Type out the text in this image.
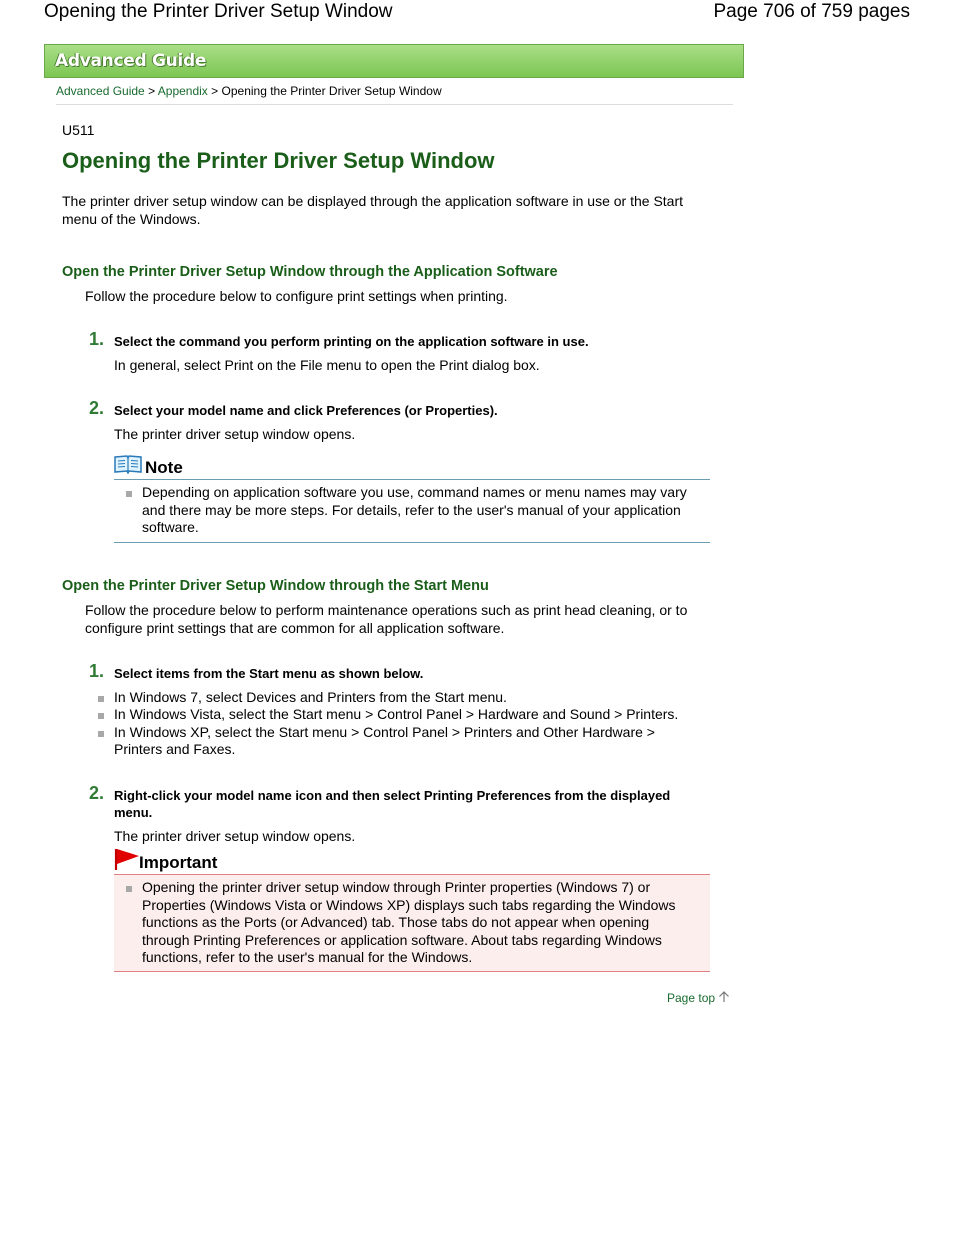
Opening the Printer Driver Setup Window	Page 706 of 759 pages
Advanced Guide
Advanced Guide > Appendix > Opening the Printer Driver Setup Window
U511
Opening the Printer Driver Setup Window

The printer driver setup window can be displayed through the application software in use or the Start

menu of the Windows.

Open the Printer Driver Setup Window through the Application Software

Follow the procedure below to configure print settings when printing.

1. Select the command you perform printing on the application software in use.

In general, select Print on the File menu to open the Print dialog box.

2. Select your model name and click Preferences (or Properties).

The printer driver setup window opens.

Note

Depending on application software you use, command names or menu names may vary

and there may be more steps. For details, refer to the user's manual of your application

software.

Open the Printer Driver Setup Window through the Start Menu

Follow the procedure below to perform maintenance operations such as print head cleaning, or to

configure print settings that are common for all application software.

1. Select items from the Start menu as shown below.

In Windows 7, select Devices and Printers from the Start menu.

In Windows Vista, select the Start menu > Control Panel > Hardware and Sound > Printers.

In Windows XP, select the Start menu > Control Panel > Printers and Other Hardware >

Printers and Faxes.

2. Right-click your model name icon and then select Printing Preferences from the displayed
menu.

The printer driver setup window opens.

Important

Opening the printer driver setup window through Printer properties (Windows 7) or

Properties (Windows Vista or Windows XP) displays such tabs regarding the Windows

functions as the Ports (or Advanced) tab. Those tabs do not appear when opening

through Printing Preferences or application software. About tabs regarding Windows

functions, refer to the user's manual for the Windows.

Page top
